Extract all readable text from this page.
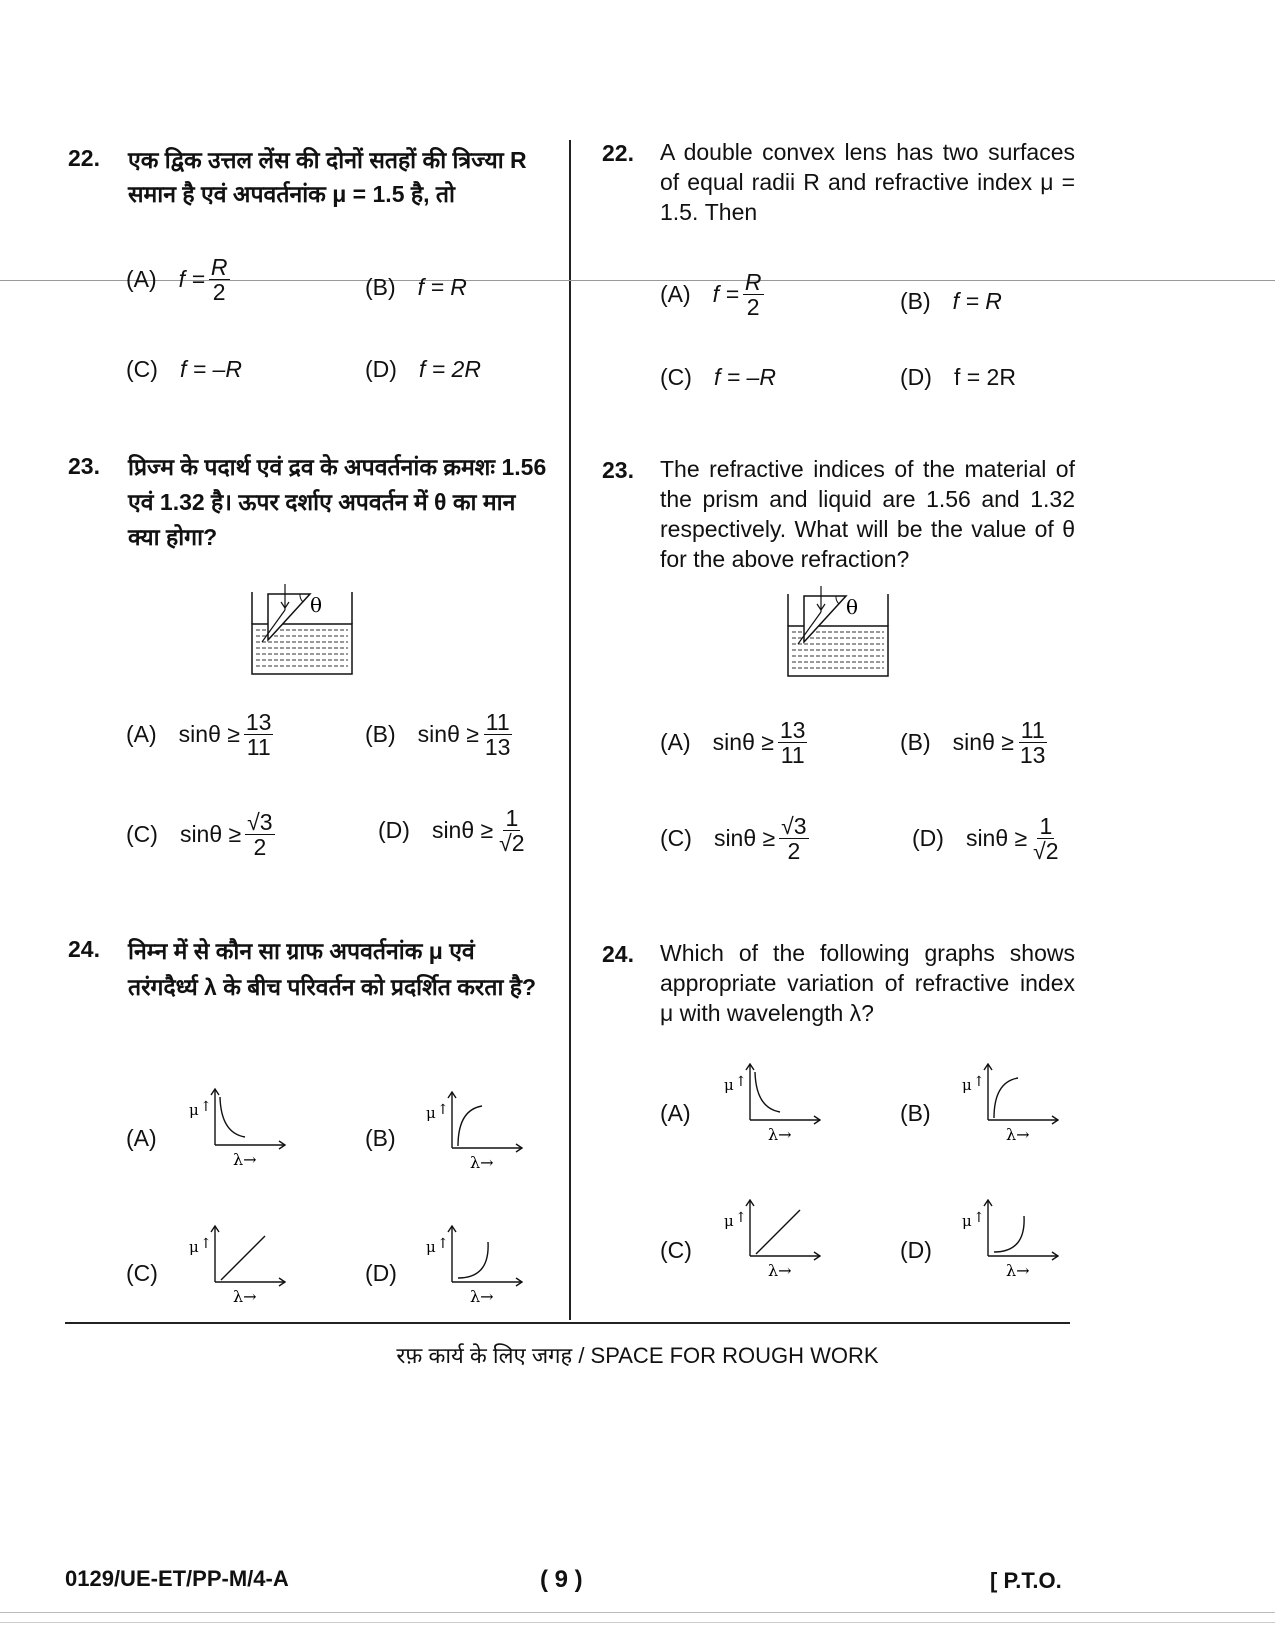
22. एक द्विक उत्तल लेंस की दोनों सतहों की त्रिज्या R समान है एवं अपवर्तनांक μ = 1.5 है, तो
(A) $f = \frac{R}{2}$	(B) f = R
(C) f = –R	(D) f = 2R
23. प्रिज्म के पदार्थ एवं द्रव के अपवर्तनांक क्रमशः 1.56 एवं 1.32 है। ऊपर दर्शाए अपवर्तन में θ का मान क्या होगा?
θ
(A) $\sin\theta \ge \frac{13}{11}$	(B) $\sin\theta \ge \frac{11}{13}$
(C) $\sin\theta \ge \frac{√3}{2}$	(D) $\sin\theta \ge \frac{1}{√2}$
24. निम्न में से कौन सा ग्राफ अपवर्तनांक μ एवं तरंगदैर्ध्य λ के बीच परिवर्तन को प्रदर्शित करता है?
(A)
μ ↑
λ→
(B)
μ ↑
λ→
(C)
μ ↑
λ→
(D)
μ ↑
λ→
22. A double convex lens has two surfaces of equal radii R and refractive index μ = 1.5. Then
(A) $f = \frac{R}{2}$	(B) f = R
(C) f = –R	(D) f = 2R
23. The refractive indices of the material of the prism and liquid are 1.56 and 1.32 respectively. What will be the value of θ for the above refraction?
θ
(A) $\sin\theta \ge \frac{13}{11}$	(B) $\sin\theta \ge \frac{11}{13}$
(C) $\sin\theta \ge \frac{√3}{2}$	(D) $\sin\theta \ge \frac{1}{√2}$
24. Which of the following graphs shows appropriate variation of refractive index μ with wavelength λ?
(A)
μ ↑
λ→
(B)
μ ↑
λ→
(C)
μ ↑
λ→
(D)
μ ↑
λ→
रफ़ कार्य के लिए जगह / SPACE FOR ROUGH WORK
0129/UE-ET/PP-M/4-A	( 9 )	[ P.T.O.
